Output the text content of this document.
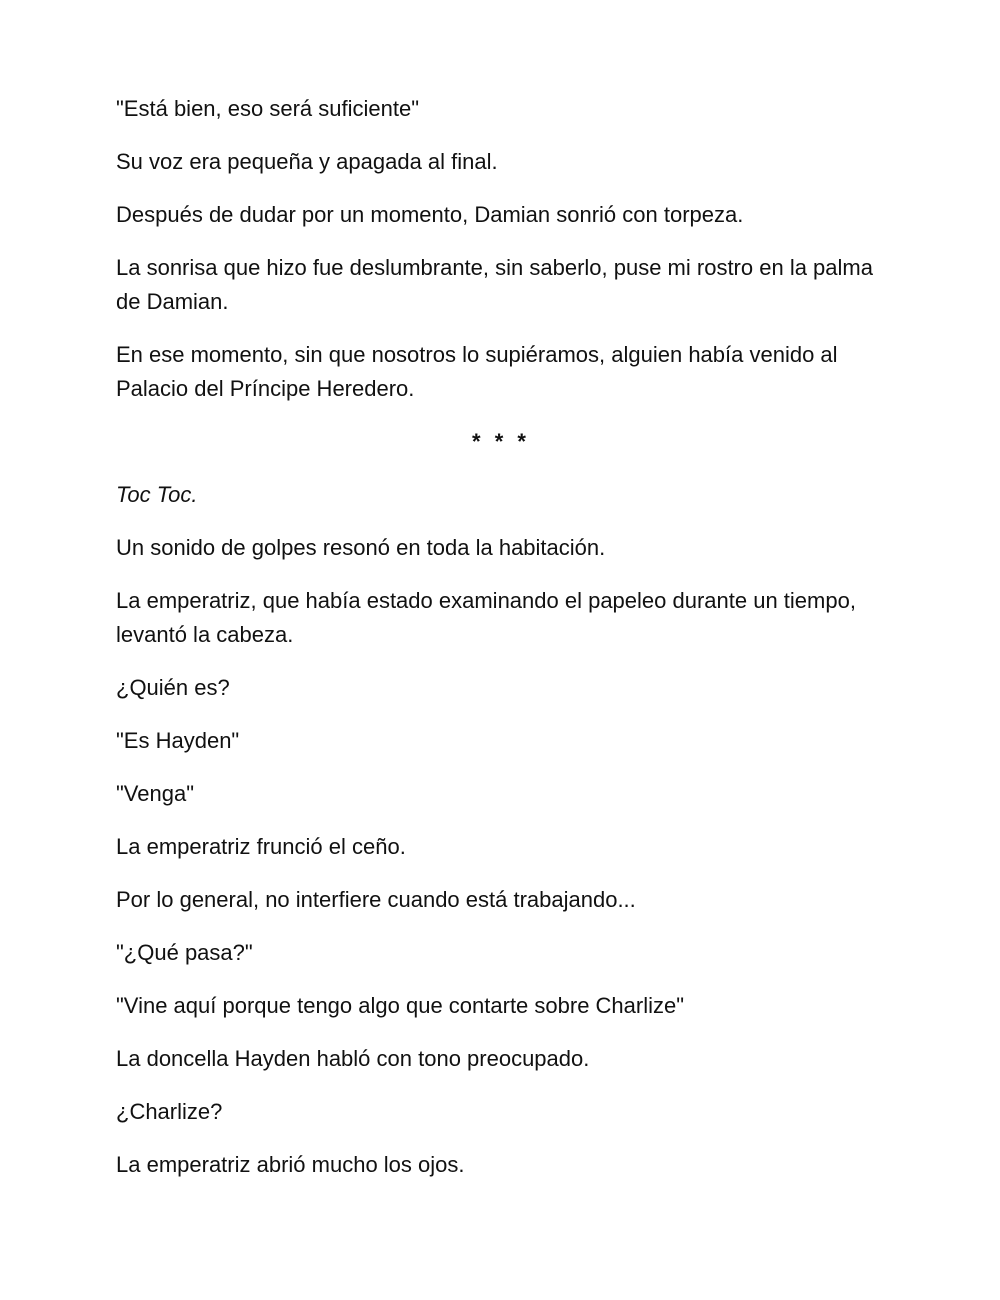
"Está bien, eso será suficiente"

Su voz era pequeña y apagada al final.

Después de dudar por un momento, Damian sonrió con torpeza.

La sonrisa que hizo fue deslumbrante, sin saberlo, puse mi rostro en la palma de Damian.

En ese momento, sin que nosotros lo supiéramos, alguien había venido al Palacio del Príncipe Heredero.

* * *

Toc Toc.

Un sonido de golpes resonó en toda la habitación.

La emperatriz, que había estado examinando el papeleo durante un tiempo, levantó la cabeza.

¿Quién es?

"Es Hayden"

"Venga"

La emperatriz frunció el ceño.

Por lo general, no interfiere cuando está trabajando...

"¿Qué pasa?"

"Vine aquí porque tengo algo que contarte sobre Charlize"

La doncella Hayden habló con tono preocupado.

¿Charlize?

La emperatriz abrió mucho los ojos.
